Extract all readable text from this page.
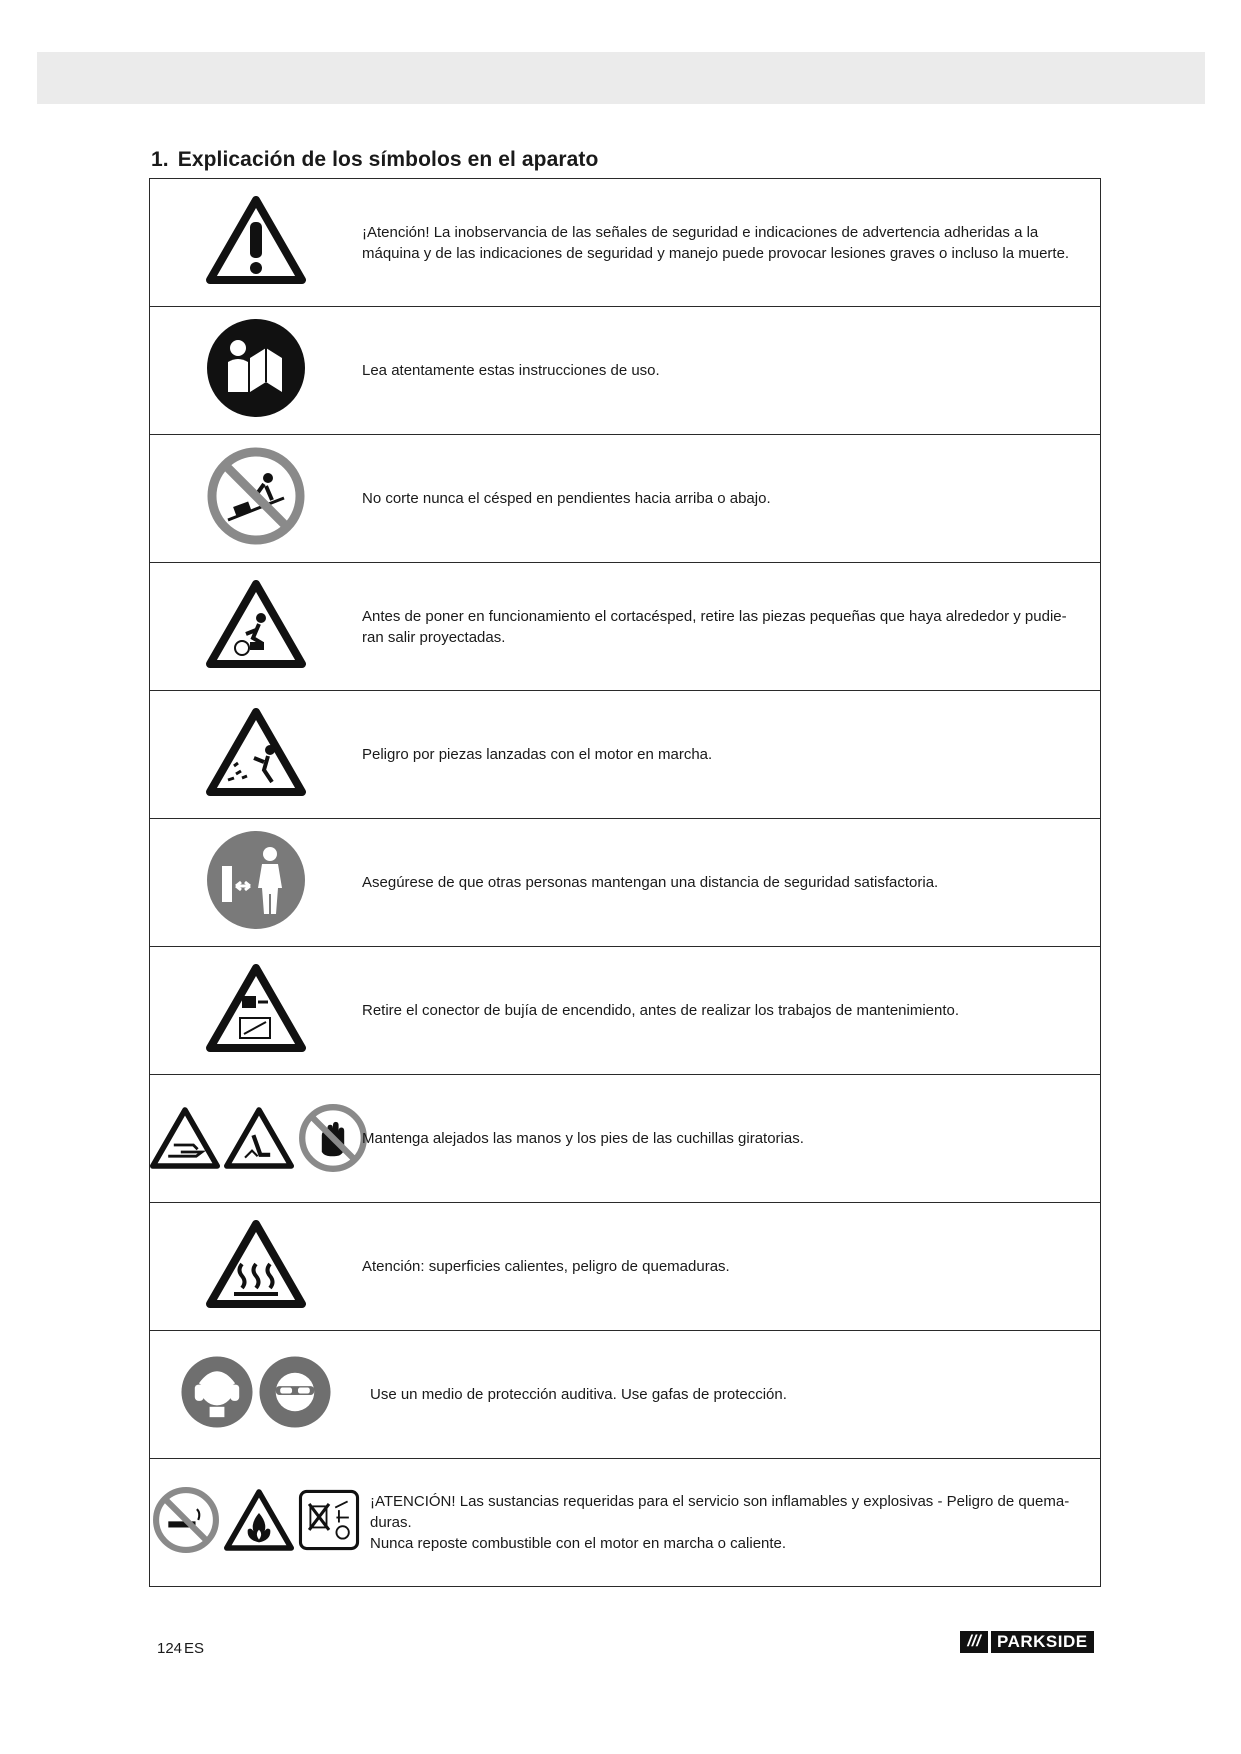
1. Explicación de los símbolos en el aparato

¡Atención! La inobservancia de las señales de seguridad e indicaciones de advertencia adheridas a la
máquina y de las indicaciones de seguridad y manejo puede provocar lesiones graves o incluso la muerte.

Lea atentamente estas instrucciones de uso.

No corte nunca el césped en pendientes hacia arriba o abajo.

Antes de poner en funcionamiento el cortacésped, retire las piezas pequeñas que haya alrededor y pudie-
ran salir proyectadas.

Peligro por piezas lanzadas con el motor en marcha.

Asegúrese de que otras personas mantengan una distancia de seguridad satisfactoria.

Retire el conector de bujía de encendido, antes de realizar los trabajos de mantenimiento.

Mantenga alejados las manos y los pies de las cuchillas giratorias.

Atención: superficies calientes, peligro de quemaduras.

Use un medio de protección auditiva. Use gafas de protección.

¡ATENCIÓN! Las sustancias requeridas para el servicio son inflamables y explosivas - Peligro de quema-
duras.
Nunca reposte combustible con el motor en marcha o caliente.
124 ES	/// PARKSIDE
